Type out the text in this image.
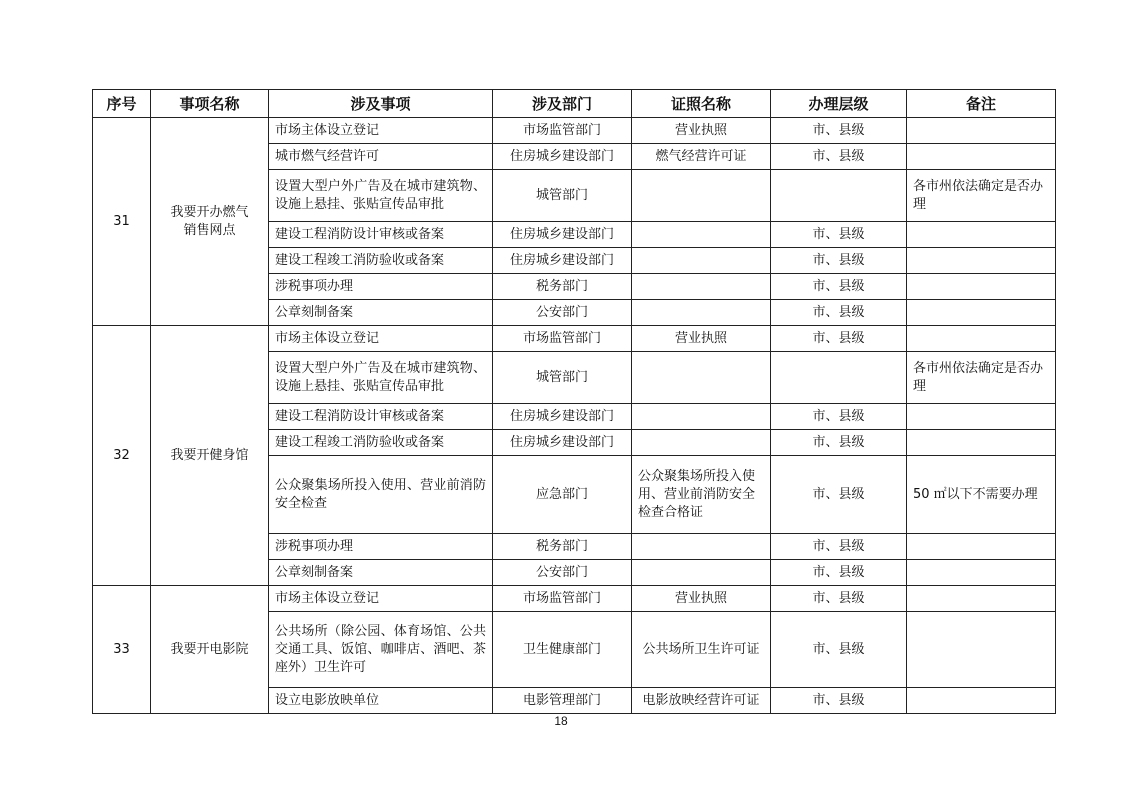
序号	事项名称	涉及事项	涉及部门	证照名称	办理层级	备注
31	我要开办燃气销售网点	市场主体设立登记	市场监管部门	营业执照	市、县级	
		城市燃气经营许可	住房城乡建设部门	燃气经营许可证	市、县级	
		设置大型户外广告及在城市建筑物、设施上悬挂、张贴宣传品审批	城管部门			各市州依法确定是否办理
		建设工程消防设计审核或备案	住房城乡建设部门		市、县级	
		建设工程竣工消防验收或备案	住房城乡建设部门		市、县级	
		涉税事项办理	税务部门		市、县级	
		公章刻制备案	公安部门		市、县级	
32	我要开健身馆	市场主体设立登记	市场监管部门	营业执照	市、县级	
		设置大型户外广告及在城市建筑物、设施上悬挂、张贴宣传品审批	城管部门			各市州依法确定是否办理
		建设工程消防设计审核或备案	住房城乡建设部门		市、县级	
		建设工程竣工消防验收或备案	住房城乡建设部门		市、县级	
		公众聚集场所投入使用、营业前消防安全检查	应急部门	公众聚集场所投入使用、营业前消防安全检查合格证	市、县级	50 ㎡以下不需要办理
		涉税事项办理	税务部门		市、县级	
		公章刻制备案	公安部门		市、县级	
33	我要开电影院	市场主体设立登记	市场监管部门	营业执照	市、县级	
		公共场所（除公园、体育场馆、公共交通工具、饭馆、咖啡店、酒吧、茶座外）卫生许可	卫生健康部门	公共场所卫生许可证	市、县级	
		设立电影放映单位	电影管理部门	电影放映经营许可证	市、县级	
18
